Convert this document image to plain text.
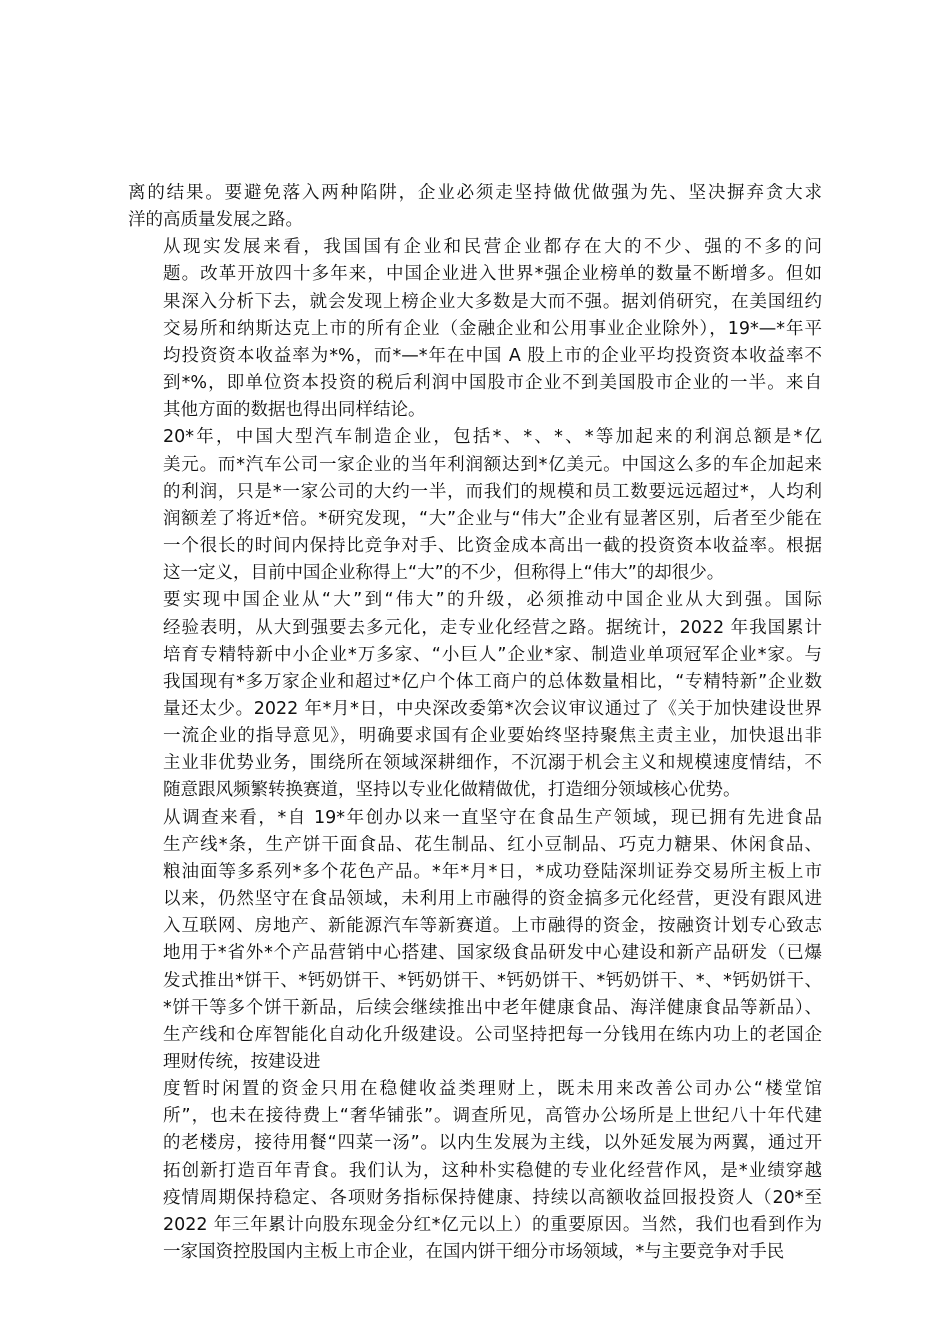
离的结果。要避免落入两种陷阱，企业必须走坚持做优做强为先、坚决摒弃贪大求
洋的高质量发展之路。
从现实发展来看，我国国有企业和民营企业都存在大的不少、强的不多的问
题。改革开放四十多年来，中国企业进入世界*强企业榜单的数量不断增多。但如
果深入分析下去，就会发现上榜企业大多数是大而不强。据刘俏研究，在美国纽约
交易所和纳斯达克上市的所有企业（金融企业和公用事业企业除外），19*—*年平
均投资资本收益率为*%，而*—*年在中国 A 股上市的企业平均投资资本收益率不
到*%，即单位资本投资的税后利润中国股市企业不到美国股市企业的一半。来自
其他方面的数据也得出同样结论。
20*年，中国大型汽车制造企业，包括*、*、*、*等加起来的利润总额是*亿
美元。而*汽车公司一家企业的当年利润额达到*亿美元。中国这么多的车企加起来
的利润，只是*一家公司的大约一半，而我们的规模和员工数要远远超过*，人均利
润额差了将近*倍。*研究发现，“大”企业与“伟大”企业有显著区别，后者至少能在
一个很长的时间内保持比竞争对手、比资金成本高出一截的投资资本收益率。根据
这一定义，目前中国企业称得上“大”的不少，但称得上“伟大”的却很少。
要实现中国企业从“大”到“伟大”的升级，必须推动中国企业从大到强。国际
经验表明，从大到强要去多元化，走专业化经营之路。据统计，2022 年我国累计
培育专精特新中小企业*万多家、“小巨人”企业*家、制造业单项冠军企业*家。与
我国现有*多万家企业和超过*亿户个体工商户的总体数量相比，“专精特新”企业数
量还太少。2022 年*月*日，中央深改委第*次会议审议通过了《关于加快建设世界
一流企业的指导意见》，明确要求国有企业要始终坚持聚焦主责主业，加快退出非
主业非优势业务，围绕所在领域深耕细作，不沉溺于机会主义和规模速度情结，不
随意跟风频繁转换赛道，坚持以专业化做精做优，打造细分领域核心优势。
从调查来看，*自 19*年创办以来一直坚守在食品生产领域，现已拥有先进食品
生产线*条，生产饼干面食品、花生制品、红小豆制品、巧克力糖果、休闲食品、
粮油面等多系列*多个花色产品。*年*月*日，*成功登陆深圳证券交易所主板上市
以来，仍然坚守在食品领域，未利用上市融得的资金搞多元化经营，更没有跟风进
入互联网、房地产、新能源汽车等新赛道。上市融得的资金，按融资计划专心致志
地用于*省外*个产品营销中心搭建、国家级食品研发中心建设和新产品研发（已爆
发式推出*饼干、*钙奶饼干、*钙奶饼干、*钙奶饼干、*钙奶饼干、*、*钙奶饼干、
*饼干等多个饼干新品，后续会继续推出中老年健康食品、海洋健康食品等新品）、
生产线和仓库智能化自动化升级建设。公司坚持把每一分钱用在练内功上的老国企
理财传统，按建设进
度暂时闲置的资金只用在稳健收益类理财上，既未用来改善公司办公“楼堂馆
所”，也未在接待费上“奢华铺张”。调查所见，高管办公场所是上世纪八十年代建
的老楼房，接待用餐“四菜一汤”。以内生发展为主线，以外延发展为两翼，通过开
拓创新打造百年青食。我们认为，这种朴实稳健的专业化经营作风，是*业绩穿越
疫情周期保持稳定、各项财务指标保持健康、持续以高额收益回报投资人（20*至
2022 年三年累计向股东现金分红*亿元以上）的重要原因。当然，我们也看到作为
一家国资控股国内主板上市企业，在国内饼干细分市场领域，*与主要竞争对手民
